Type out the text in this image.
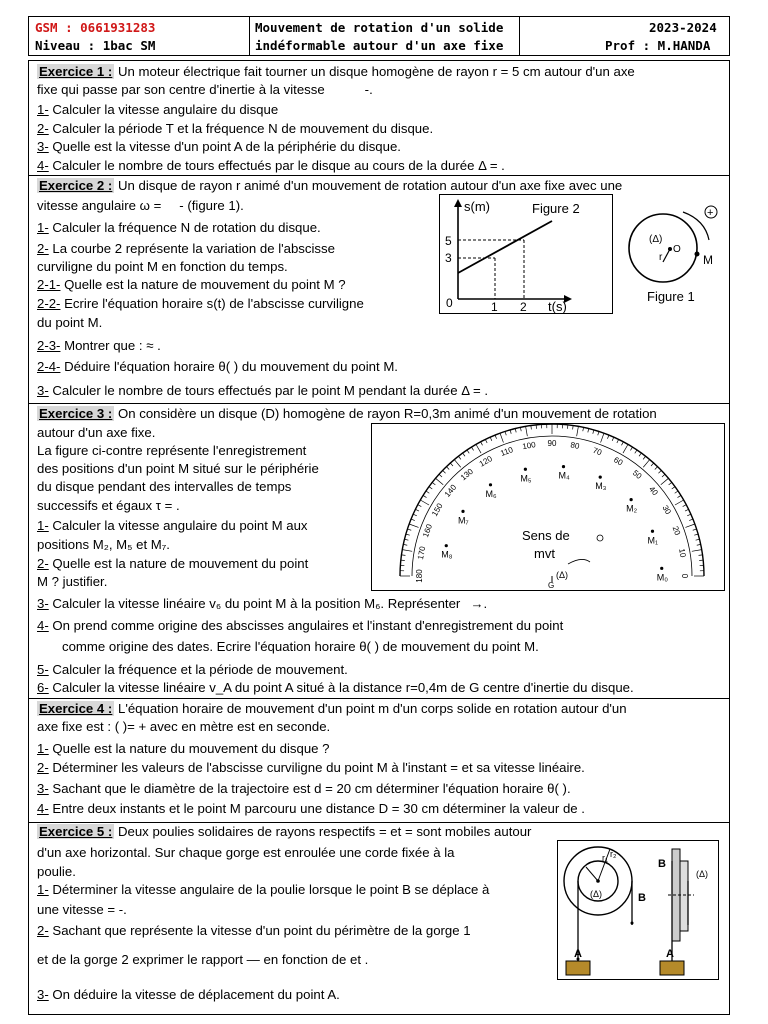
GSM : 0661931283
Niveau : 1bac SM
Mouvement de rotation d'un solide
indéformable autour d'un axe fixe
2023-2024
Prof : M.HANDA
Exercice 1 : Un moteur électrique fait tourner un disque homogène de rayon r = 5 cm autour d'un axe
fixe qui passe par son centre d'inertie à la vitesse	-.
1- Calculer la vitesse angulaire du disque
2- Calculer la période T et la fréquence N de mouvement du disque.
3- Quelle est la vitesse d'un point A de la périphérie du disque.
4- Calculer le nombre de tours effectués par le disque au cours de la durée Δ = .
Exercice 2 : Un disque de rayon r animé d'un mouvement de rotation autour d'un axe fixe avec une
vitesse angulaire ω = - (figure 1).
1- Calculer la fréquence N de rotation du disque.
2- La courbe 2 représente la variation de l'abscisse
curviligne du point M en fonction du temps.
2-1- Quelle est la nature de mouvement du point M ?
2-2- Ecrire l'équation horaire s(t) de l'abscisse curviligne
du point M.
2-3- Montrer que : ≈ .
2-4- Déduire l'équation horaire θ( ) du mouvement du point M.
3- Calculer le nombre de tours effectués par le point M pendant la durée Δ = .
s(m)	Figure 2
5
3
0	1 2 t(s)
+
(Δ)
O
r	M
Figure 1
Exercice 3 : On considère un disque (D) homogène de rayon R=0,3m animé d'un mouvement de rotation
autour d'un axe fixe.
La figure ci-contre représente l'enregistrement
des positions d'un point M situé sur le périphérie
du disque pendant des intervalles de temps
successifs et égaux τ = .
1- Calculer la vitesse angulaire du point M aux
positions M₂, M₅ et M₇.
2- Quelle est la nature de mouvement du point
M ? justifier.
3- Calculer la vitesse linéaire v₆ du point M à la position M₆. Représenter →.
4- On prend comme origine des abscisses angulaires et l'instant d'enregistrement du point
comme origine des dates. Ecrire l'équation horaire θ( ) de mouvement du point M.
5- Calculer la fréquence et la période de mouvement.
6- Calculer la vitesse linéaire v_A du point A situé à la distance r=0,4m de G centre d'inertie du disque.
0
10
20
30
40
50
60
70
80
90
100
110
120
130
140
150
160
170
180	M₀
M₁
M₂
M₃
M₄
M₅
M₆
M₇
M₈
Sens de
mvt
(Δ)
G
Exercice 4 : L'équation horaire de mouvement d'un point m d'un corps solide en rotation autour d'un
axe fixe est : ( )= + avec en mètre est en seconde.
1- Quelle est la nature du mouvement du disque ?
2- Déterminer les valeurs de l'abscisse curviligne du point M à l'instant = et sa vitesse linéaire.
3- Sachant que le diamètre de la trajectoire est d = 20 cm déterminer l'équation horaire θ( ).
4- Entre deux instants et le point M parcouru une distance D = 30 cm déterminer la valeur de .
Exercice 5 : Deux poulies solidaires de rayons respectifs = et = sont mobiles autour
d'un axe horizontal. Sur chaque gorge est enroulée une corde fixée à la
poulie.
1- Déterminer la vitesse angulaire de la poulie lorsque le point B se déplace à
une vitesse = -.
2- Sachant que représente la vitesse d'un point du périmètre de la gorge 1
et de la gorge 2 exprimer le rapport — en fonction de et .
3- On déduire la vitesse de déplacement du point A.
r₁ r₂
(Δ)
(Δ)
A
B
B
A
